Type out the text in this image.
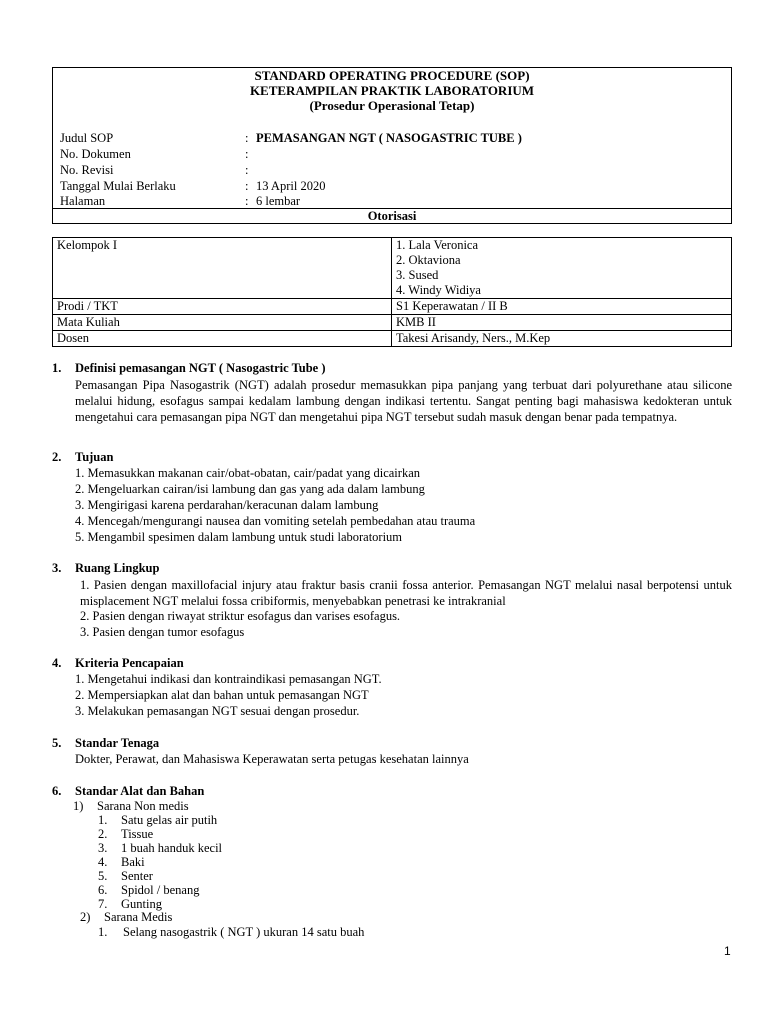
STANDARD OPERATING PROCEDURE (SOP)
KETERAMPILAN PRAKTIK LABORATORIUM
(Prosedur Operasional Tetap)
Judul SOP	: PEMASANGAN NGT ( NASOGASTRIC TUBE )
No. Dokumen	:
No. Revisi	:
Tanggal Mulai Berlaku	: 13 April 2020
Halaman	: 6 lembar
Otorisasi
Kelompok I	1. Lala Veronica
2. Oktaviona
3. Sused
4. Windy Widiya

Prodi / TKT	S1 Keperawatan / II B
Mata Kuliah	KMB II
Dosen	Takesi Arisandy, Ners., M.Kep
1. Definisi pemasangan NGT ( Nasogastric Tube )
Pemasangan Pipa Nasogastrik (NGT) adalah prosedur memasukkan pipa panjang yang terbuat dari polyurethane atau silicone melalui hidung, esofagus sampai kedalam lambung dengan indikasi tertentu. Sangat penting bagi mahasiswa kedokteran untuk mengetahui cara pemasangan pipa NGT dan mengetahui pipa NGT tersebut sudah masuk dengan benar pada tempatnya.
2. Tujuan
1. Memasukkan makanan cair/obat-obatan, cair/padat yang dicairkan
2. Mengeluarkan cairan/isi lambung dan gas yang ada dalam lambung
3. Mengirigasi karena perdarahan/keracunan dalam lambung
4. Mencegah/mengurangi nausea dan vomiting setelah pembedahan atau trauma
5. Mengambil spesimen dalam lambung untuk studi laboratorium
3. Ruang Lingkup
1. Pasien dengan maxillofacial injury atau fraktur basis cranii fossa anterior. Pemasangan NGT melalui nasal berpotensi untuk misplacement NGT melalui fossa cribiformis, menyebabkan penetrasi ke intrakranial
2. Pasien dengan riwayat striktur esofagus dan varises esofagus.
3. Pasien dengan tumor esofagus
4. Kriteria Pencapaian
1. Mengetahui indikasi dan kontraindikasi pemasangan NGT.
2. Mempersiapkan alat dan bahan untuk pemasangan NGT
3. Melakukan pemasangan NGT sesuai dengan prosedur.
5. Standar Tenaga
Dokter, Perawat, dan Mahasiswa Keperawatan serta petugas kesehatan lainnya
6. Standar Alat dan Bahan
1) Sarana Non medis
1. Satu gelas air putih
2. Tissue
3. 1 buah handuk kecil
4. Baki
5. Senter
6. Spidol / benang
7. Gunting
2) Sarana Medis
1. Selang nasogastrik ( NGT ) ukuran 14 satu buah
1
